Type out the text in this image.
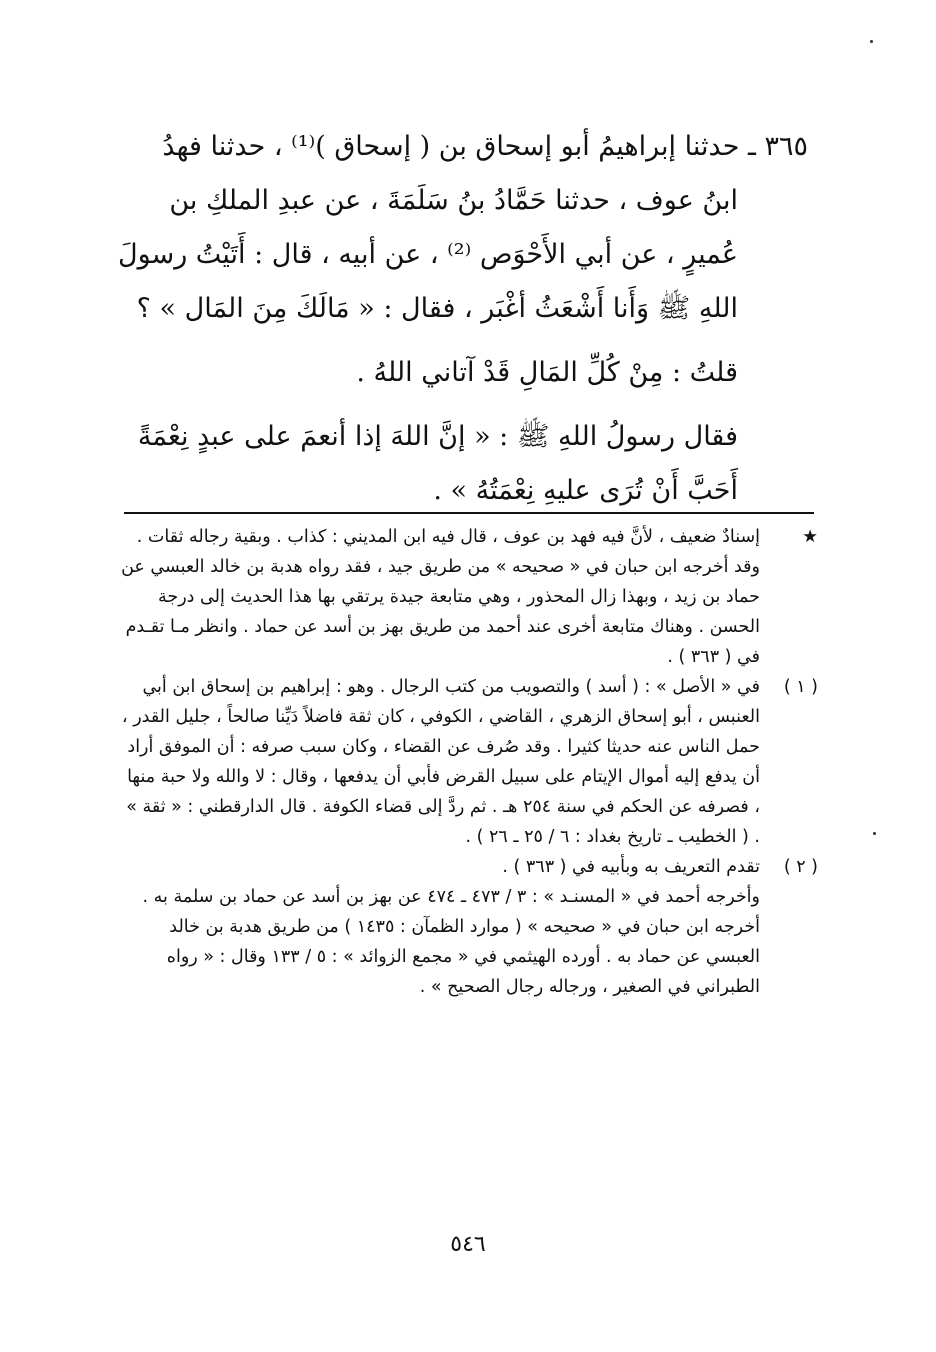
٣٦٥ ـ حدثنا إبراهيمُ أبو إسحاق بن ( إسحاق )⁽¹⁾ ، حدثنا فهدُ
ابنُ عوف ، حدثنا حَمَّادُ بنُ سَلَمَةَ ، عن عبدِ الملكِ بن
عُميرٍ ، عن أبي الأَحْوَص ⁽²⁾ ، عن أبيه ، قال : أَتَيْتُ رسولَ
اللهِ ﷺ وَأَنا أَشْعَثُ أغْبَر ، فقال : « مَالَكَ مِنَ المَال » ؟
قلتُ : مِنْ كُلِّ المَالِ قَدْ آتاني اللهُ .
فقال رسولُ اللهِ ﷺ : « إنَّ اللهَ إذا أنعمَ على عبدٍ نِعْمَةً
أَحَبَّ أَنْ تُرَى عليهِ نِعْمَتُهُ » .
★
إسنادٌ ضعيف ، لأنَّ فيه فهد بن عوف ، قال فيه ابن المديني : كذاب . وبقية رجاله ثقات . وقد أخرجه ابن حبان في « صحيحه » من طريق جيد ، فقد رواه هدبة بن خالد العبسي عن حماد بن زيد ، وبهذا زال المحذور ، وهي متابعة جيدة يرتقي بها هذا الحديث إلى درجة الحسن . وهناك متابعة أخرى عند أحمد من طريق بهز بن أسد عن حماد . وانظر مـا تقـدم في ( ٣٦٣ ) .
( ١ )
في « الأصل » : ( أسد ) والتصويب من كتب الرجال . وهو : إبراهيم بن إسحاق ابن أبي العنبس ، أبو إسحاق الزهري ، القاضي ، الكوفي ، كان ثقة فاضلاً دَيِّنا صالحاً ، جليل القدر ، حمل الناس عنه حديثا كثيرا . وقد صُرف عن القضاء ، وكان سبب صرفه : أن الموفق أراد أن يدفع إليه أموال الإيتام على سبيل القرض فأبي أن يدفعها ، وقال : لا والله ولا حبة منها ، فصرفه عن الحكم في سنة ٢٥٤ هـ . ثم ردَّ إلى قضاء الكوفة . قال الدارقطني : « ثقة » . ( الخطيب ـ تاريخ بغداد : ٦ / ٢٥ ـ ٢٦ ) .
( ٢ )
تقدم التعريف به وبأبيه في ( ٣٦٣ ) .
وأخرجه أحمد في « المسنـد » : ٣ / ٤٧٣ ـ ٤٧٤ عن بهز بن أسد عن حماد بن سلمة به .
أخرجه ابن حبان في « صحيحه » ( موارد الظمآن : ١٤٣٥ ) من طريق هدبة بن خالد العبسي عن حماد به . أورده الهيثمي في « مجمع الزوائد » : ٥ / ١٣٣ وقال : « رواه الطبراني في الصغير ، ورجاله رجال الصحيح » .
٥٤٦
